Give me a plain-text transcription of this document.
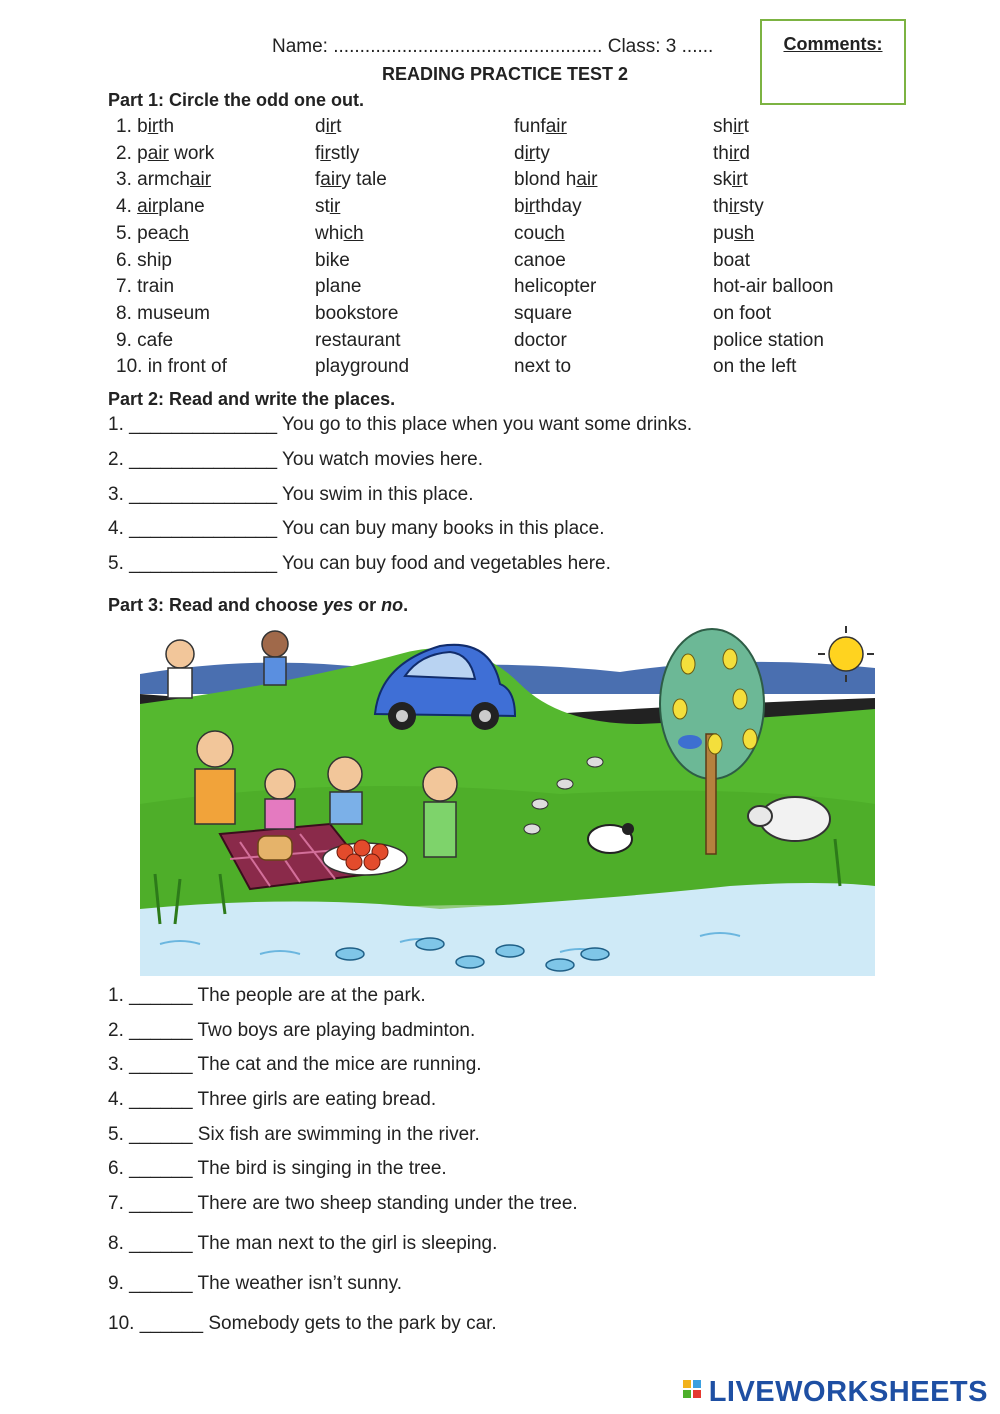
Name: ................................................... Class: 3 ......
READING PRACTICE TEST 2
Comments:
Part 1: Circle the odd one out.
1. birth	dirt	funfair	shirt
2. pair work	firstly	dirty	third
3. armchair	fairy tale	blond hair	skirt
4. airplane	stir	birthday	thirsty
5. peach	which	couch	push
6. ship	bike	canoe	boat
7. train	plane	helicopter	hot-air balloon
8. museum	bookstore	square	on foot
9. cafe	restaurant	doctor	police station
10. in front of	playground	next to	on the left
Part 2: Read and write the places.
1. ______________ You go to this place when you want some drinks.
2. ______________ You watch movies here.
3. ______________ You swim in this place.
4. ______________ You can buy many books in this place.
5. ______________ You can buy food and vegetables here.
Part 3: Read and choose yes or no.
1. ______ The people are at the park.
2. ______ Two boys are playing badminton.
3. ______ The cat and the mice are running.
4. ______ Three girls are eating bread.
5. ______ Six fish are swimming in the river.
6. ______ The bird is singing in the tree.
7. ______ There are two sheep standing under the tree.
8. ______ The man next to the girl is sleeping.
9. ______ The weather isn’t sunny.
10. ______ Somebody gets to the park by car.
LIVEWORKSHEETS
